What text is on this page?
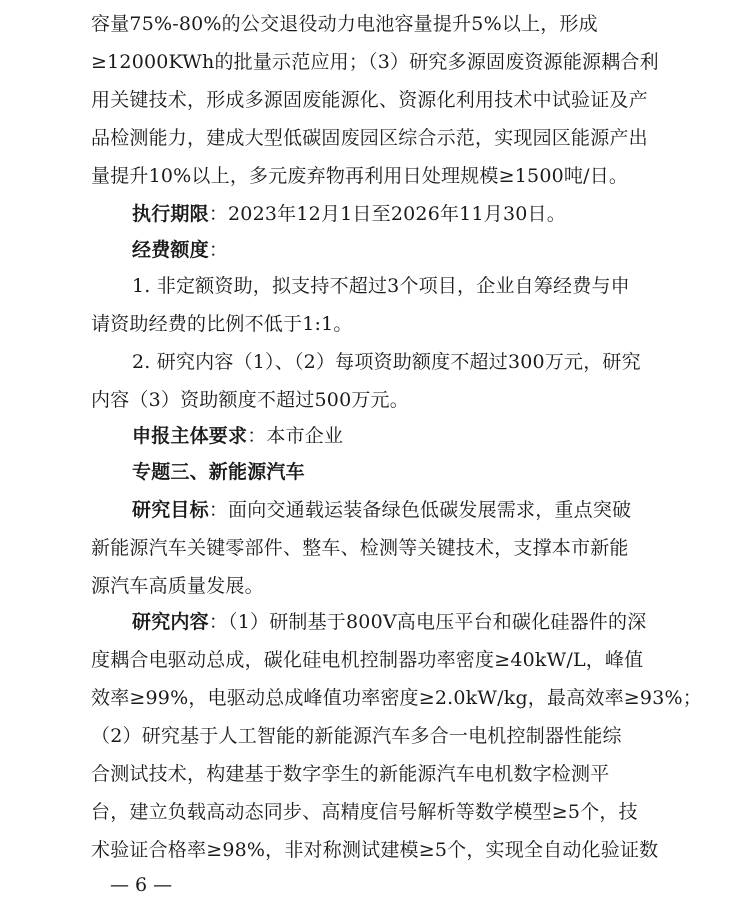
容量75%-80%的公交退役动力电池容量提升5%以上，形成
≥12000KWh的批量示范应用；（3）研究多源固废资源能源耦合利
用关键技术，形成多源固废能源化、资源化利用技术中试验证及产
品检测能力，建成大型低碳固废园区综合示范，实现园区能源产出
量提升10%以上，多元废弃物再利用日处理规模≥1500吨/日。
执行期限：2023年12月1日至2026年11月30日。
经费额度：
1. 非定额资助，拟支持不超过3个项目，企业自筹经费与申
请资助经费的比例不低于1:1。
2. 研究内容（1）、（2）每项资助额度不超过300万元，研究
内容（3）资助额度不超过500万元。
申报主体要求：本市企业
专题三、新能源汽车
研究目标：面向交通载运装备绿色低碳发展需求，重点突破
新能源汽车关键零部件、整车、检测等关键技术，支撑本市新能
源汽车高质量发展。
研究内容：（1）研制基于800V高电压平台和碳化硅器件的深
度耦合电驱动总成，碳化硅电机控制器功率密度≥40kW/L，峰值
效率≥99%，电驱动总成峰值功率密度≥2.0kW/kg，最高效率≥93%；
（2）研究基于人工智能的新能源汽车多合一电机控制器性能综
合测试技术，构建基于数字孪生的新能源汽车电机数字检测平
台，建立负载高动态同步、高精度信号解析等数学模型≥5个，技
术验证合格率≥98%，非对称测试建模≥5个，实现全自动化验证数
— 6 —
